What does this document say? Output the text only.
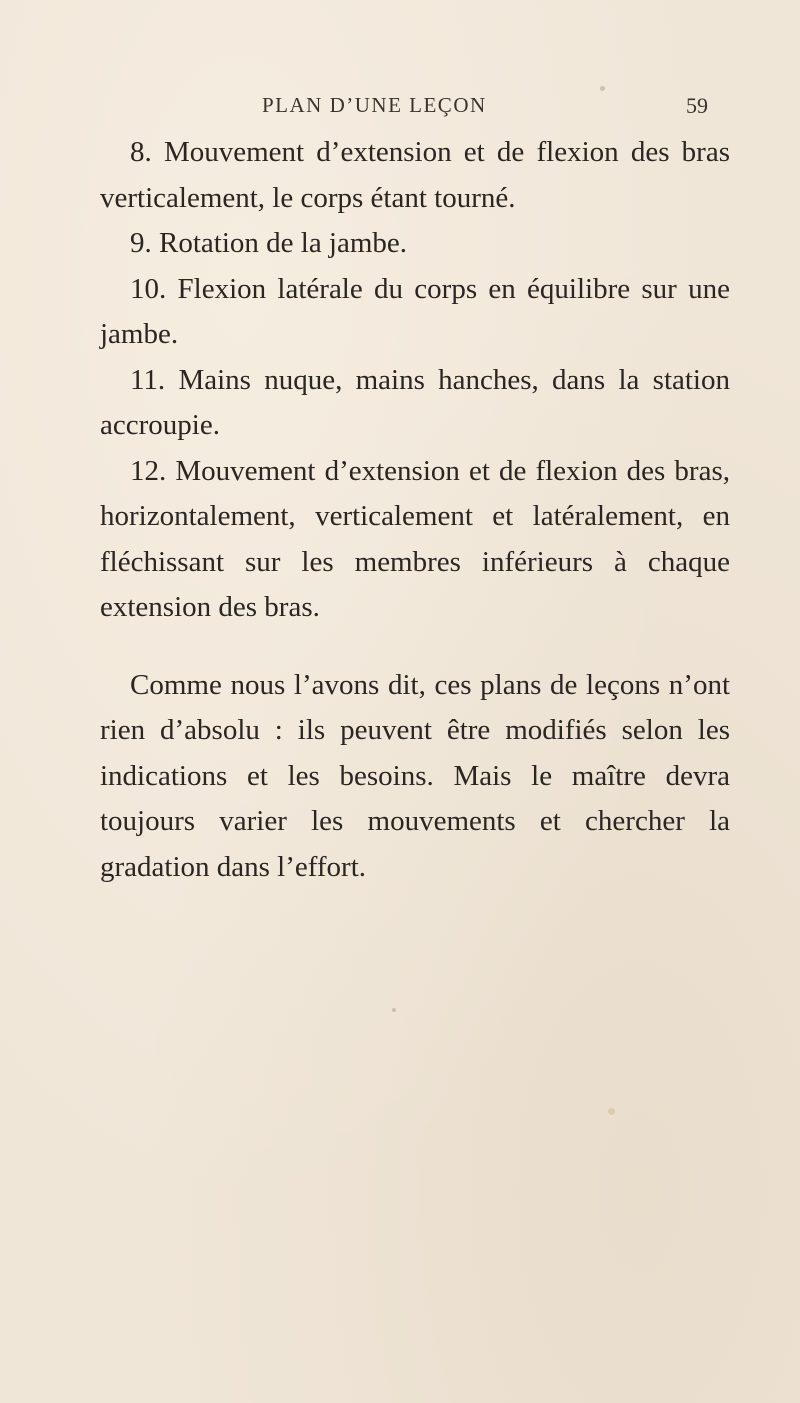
PLAN D’UNE LEÇON	59

8. Mouvement d’extension et de flexion des bras verticalement, le corps étant tourné.

9. Rotation de la jambe.

10. Flexion latérale du corps en équilibre sur une jambe.

11. Mains nuque, mains hanches, dans la station accroupie.

12. Mouvement d’extension et de flexion des bras, horizontalement, verticalement et latéralement, en fléchissant sur les membres inférieurs à chaque extension des bras.

Comme nous l’avons dit, ces plans de leçons n’ont rien d’absolu : ils peuvent être modifiés selon les indications et les besoins. Mais le maître devra toujours varier les mouvements et chercher la gradation dans l’effort.
